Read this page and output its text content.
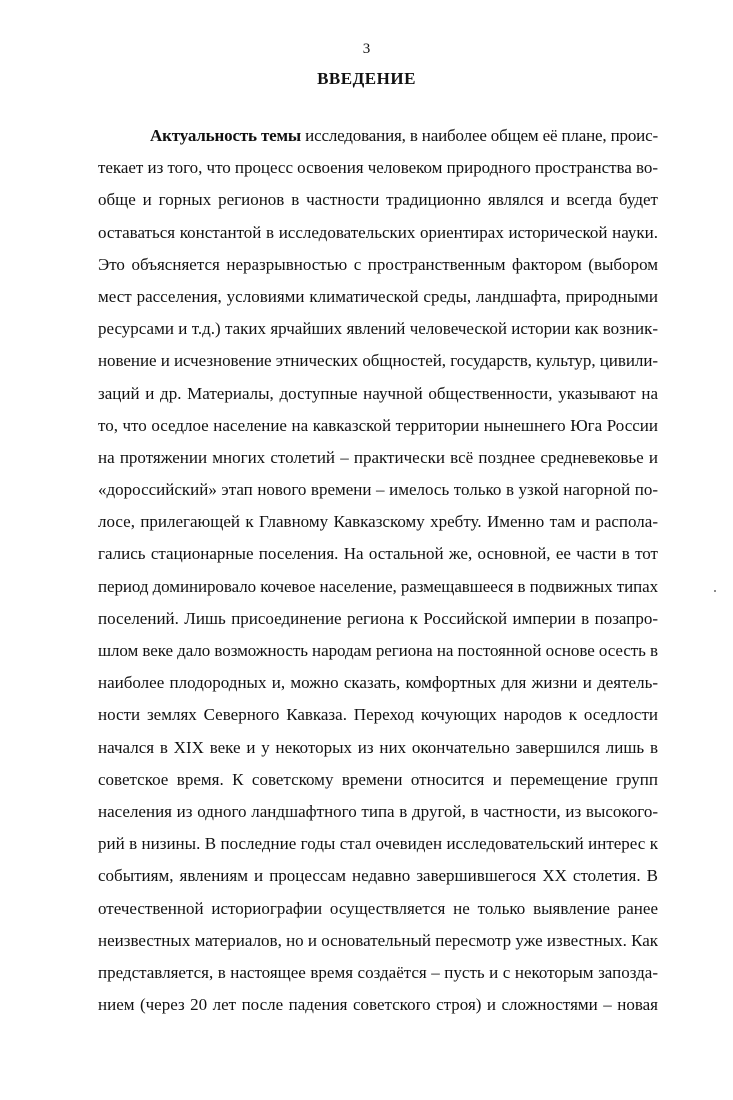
3
ВВЕДЕНИЕ
Актуальность темы исследования, в наиболее общем её плане, проис-
текает из того, что процесс освоения человеком природного пространства во-
обще и горных регионов в частности традиционно являлся и всегда будет
оставаться константой в исследовательских ориентирах исторической науки.
Это объясняется неразрывностью с пространственным фактором (выбором
мест расселения, условиями климатической среды, ландшафта, природными
ресурсами и т.д.) таких ярчайших явлений человеческой истории как возник-
новение и исчезновение этнических общностей, государств, культур, цивили-
заций и др. Материалы, доступные научной общественности, указывают на
то, что оседлое население на кавказской территории нынешнего Юга России
на протяжении многих столетий – практически всё позднее средневековье и
«дороссийский» этап нового времени – имелось только в узкой нагорной по-
лосе, прилегающей к Главному Кавказскому хребту. Именно там и распола-
гались стационарные поселения. На остальной же, основной, ее части в тот
период доминировало кочевое население, размещавшееся в подвижных типах
поселений. Лишь присоединение региона к Российской империи в позапро-
шлом веке дало возможность народам региона на постоянной основе осесть в
наиболее плодородных и, можно сказать, комфортных для жизни и деятель-
ности землях Северного Кавказа. Переход кочующих народов к оседлости
начался в XIX веке и у некоторых из них окончательно завершился лишь в
советское время. К советскому времени относится и перемещение групп
населения из одного ландшафтного типа в другой, в частности, из высокого-
рий в низины. В последние годы стал очевиден исследовательский интерес к
событиям, явлениям и процессам недавно завершившегося XX столетия. В
отечественной историографии осуществляется не только выявление ранее
неизвестных материалов, но и основательный пересмотр уже известных. Как
представляется, в настоящее время создаётся – пусть и с некоторым запозда-
нием (через 20 лет после падения советского строя) и сложностями – новая
